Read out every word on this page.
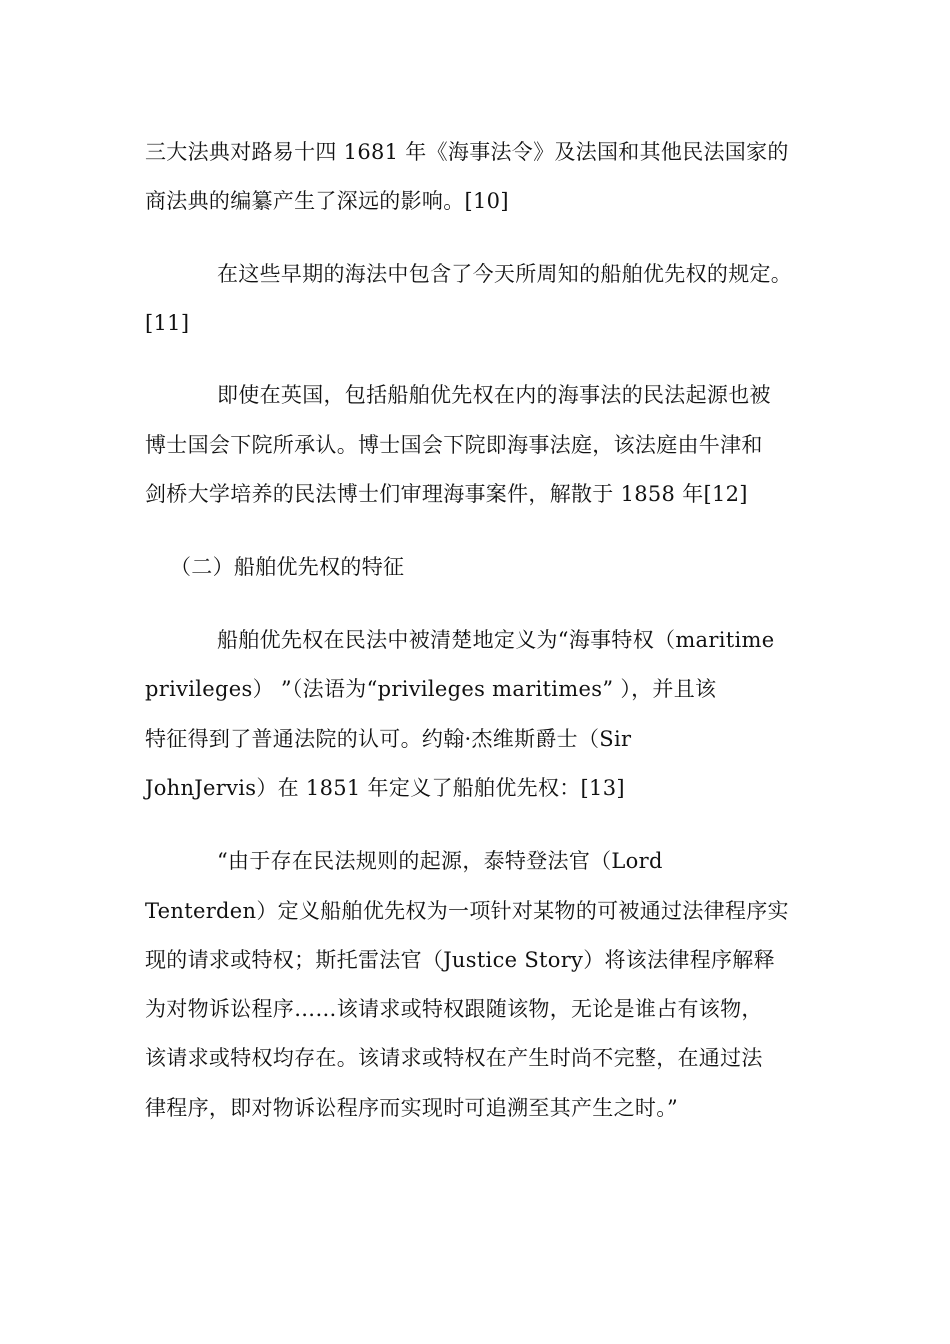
三大法典对路易十四 1681 年《海事法令》及法国和其他民法国家的
商法典的编纂产生了深远的影响。[10]
在这些早期的海法中包含了今天所周知的船舶优先权的规定。
[11]
即使在英国，包括船舶优先权在内的海事法的民法起源也被
博士国会下院所承认。博士国会下院即海事法庭，该法庭由牛津和
剑桥大学培养的民法博士们审理海事案件，解散于 1858 年[12]
（二）船舶优先权的特征
船舶优先权在民法中被清楚地定义为“海事特权（maritime
privileges） ”（法语为“privileges maritimes” ），并且该
特征得到了普通法院的认可。约翰·杰维斯爵士（Sir
JohnJervis）在 1851 年定义了船舶优先权：[13]
“由于存在民法规则的起源，泰特登法官（Lord
Tenterden）定义船舶优先权为一项针对某物的可被通过法律程序实
现的请求或特权；斯托雷法官（Justice Story）将该法律程序解释
为对物诉讼程序……该请求或特权跟随该物，无论是谁占有该物，
该请求或特权均存在。该请求或特权在产生时尚不完整，在通过法
律程序，即对物诉讼程序而实现时可追溯至其产生之时。”
